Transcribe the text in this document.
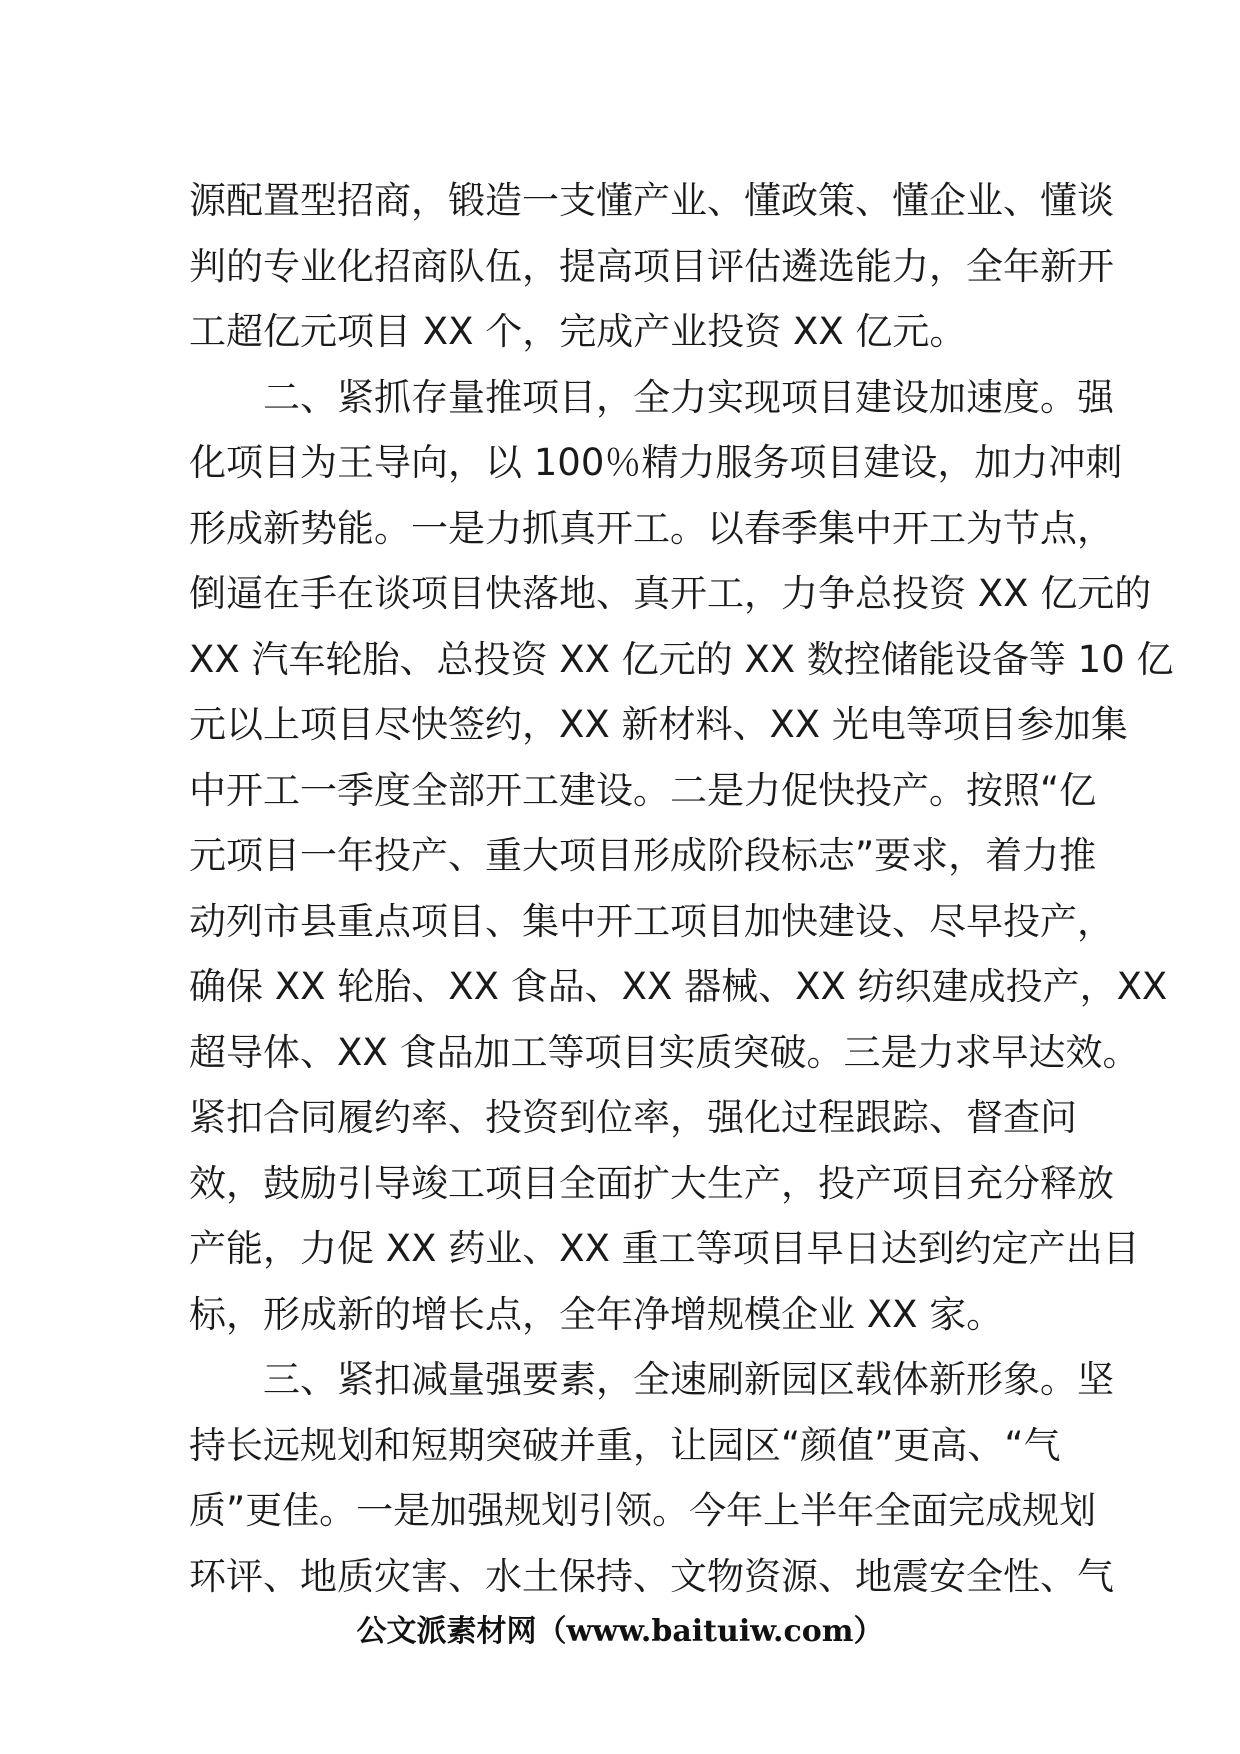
源配置型招商，锻造一支懂产业、懂政策、懂企业、懂谈
判的专业化招商队伍，提高项目评估遴选能力，全年新开
工超亿元项目 XX 个，完成产业投资 XX 亿元。
二、紧抓存量推项目，全力实现项目建设加速度。强
化项目为王导向，以 100％精力服务项目建设，加力冲刺
形成新势能。一是力抓真开工。以春季集中开工为节点，
倒逼在手在谈项目快落地、真开工，力争总投资 XX 亿元的
XX 汽车轮胎、总投资 XX 亿元的 XX 数控储能设备等 10 亿
元以上项目尽快签约，XX 新材料、XX 光电等项目参加集
中开工一季度全部开工建设。二是力促快投产。按照“亿
元项目一年投产、重大项目形成阶段标志”要求，着力推
动列市县重点项目、集中开工项目加快建设、尽早投产，
确保 XX 轮胎、XX 食品、XX 器械、XX 纺织建成投产，XX
超导体、XX 食品加工等项目实质突破。三是力求早达效。
紧扣合同履约率、投资到位率，强化过程跟踪、督查问
效，鼓励引导竣工项目全面扩大生产，投产项目充分释放
产能，力促 XX 药业、XX 重工等项目早日达到约定产出目
标，形成新的增长点，全年净增规模企业 XX 家。
三、紧扣减量强要素，全速刷新园区载体新形象。坚
持长远规划和短期突破并重，让园区“颜值”更高、“气
质”更佳。一是加强规划引领。今年上半年全面完成规划
环评、地质灾害、水土保持、文物资源、地震安全性、气
公文派素材网（www.baituiw.com）
